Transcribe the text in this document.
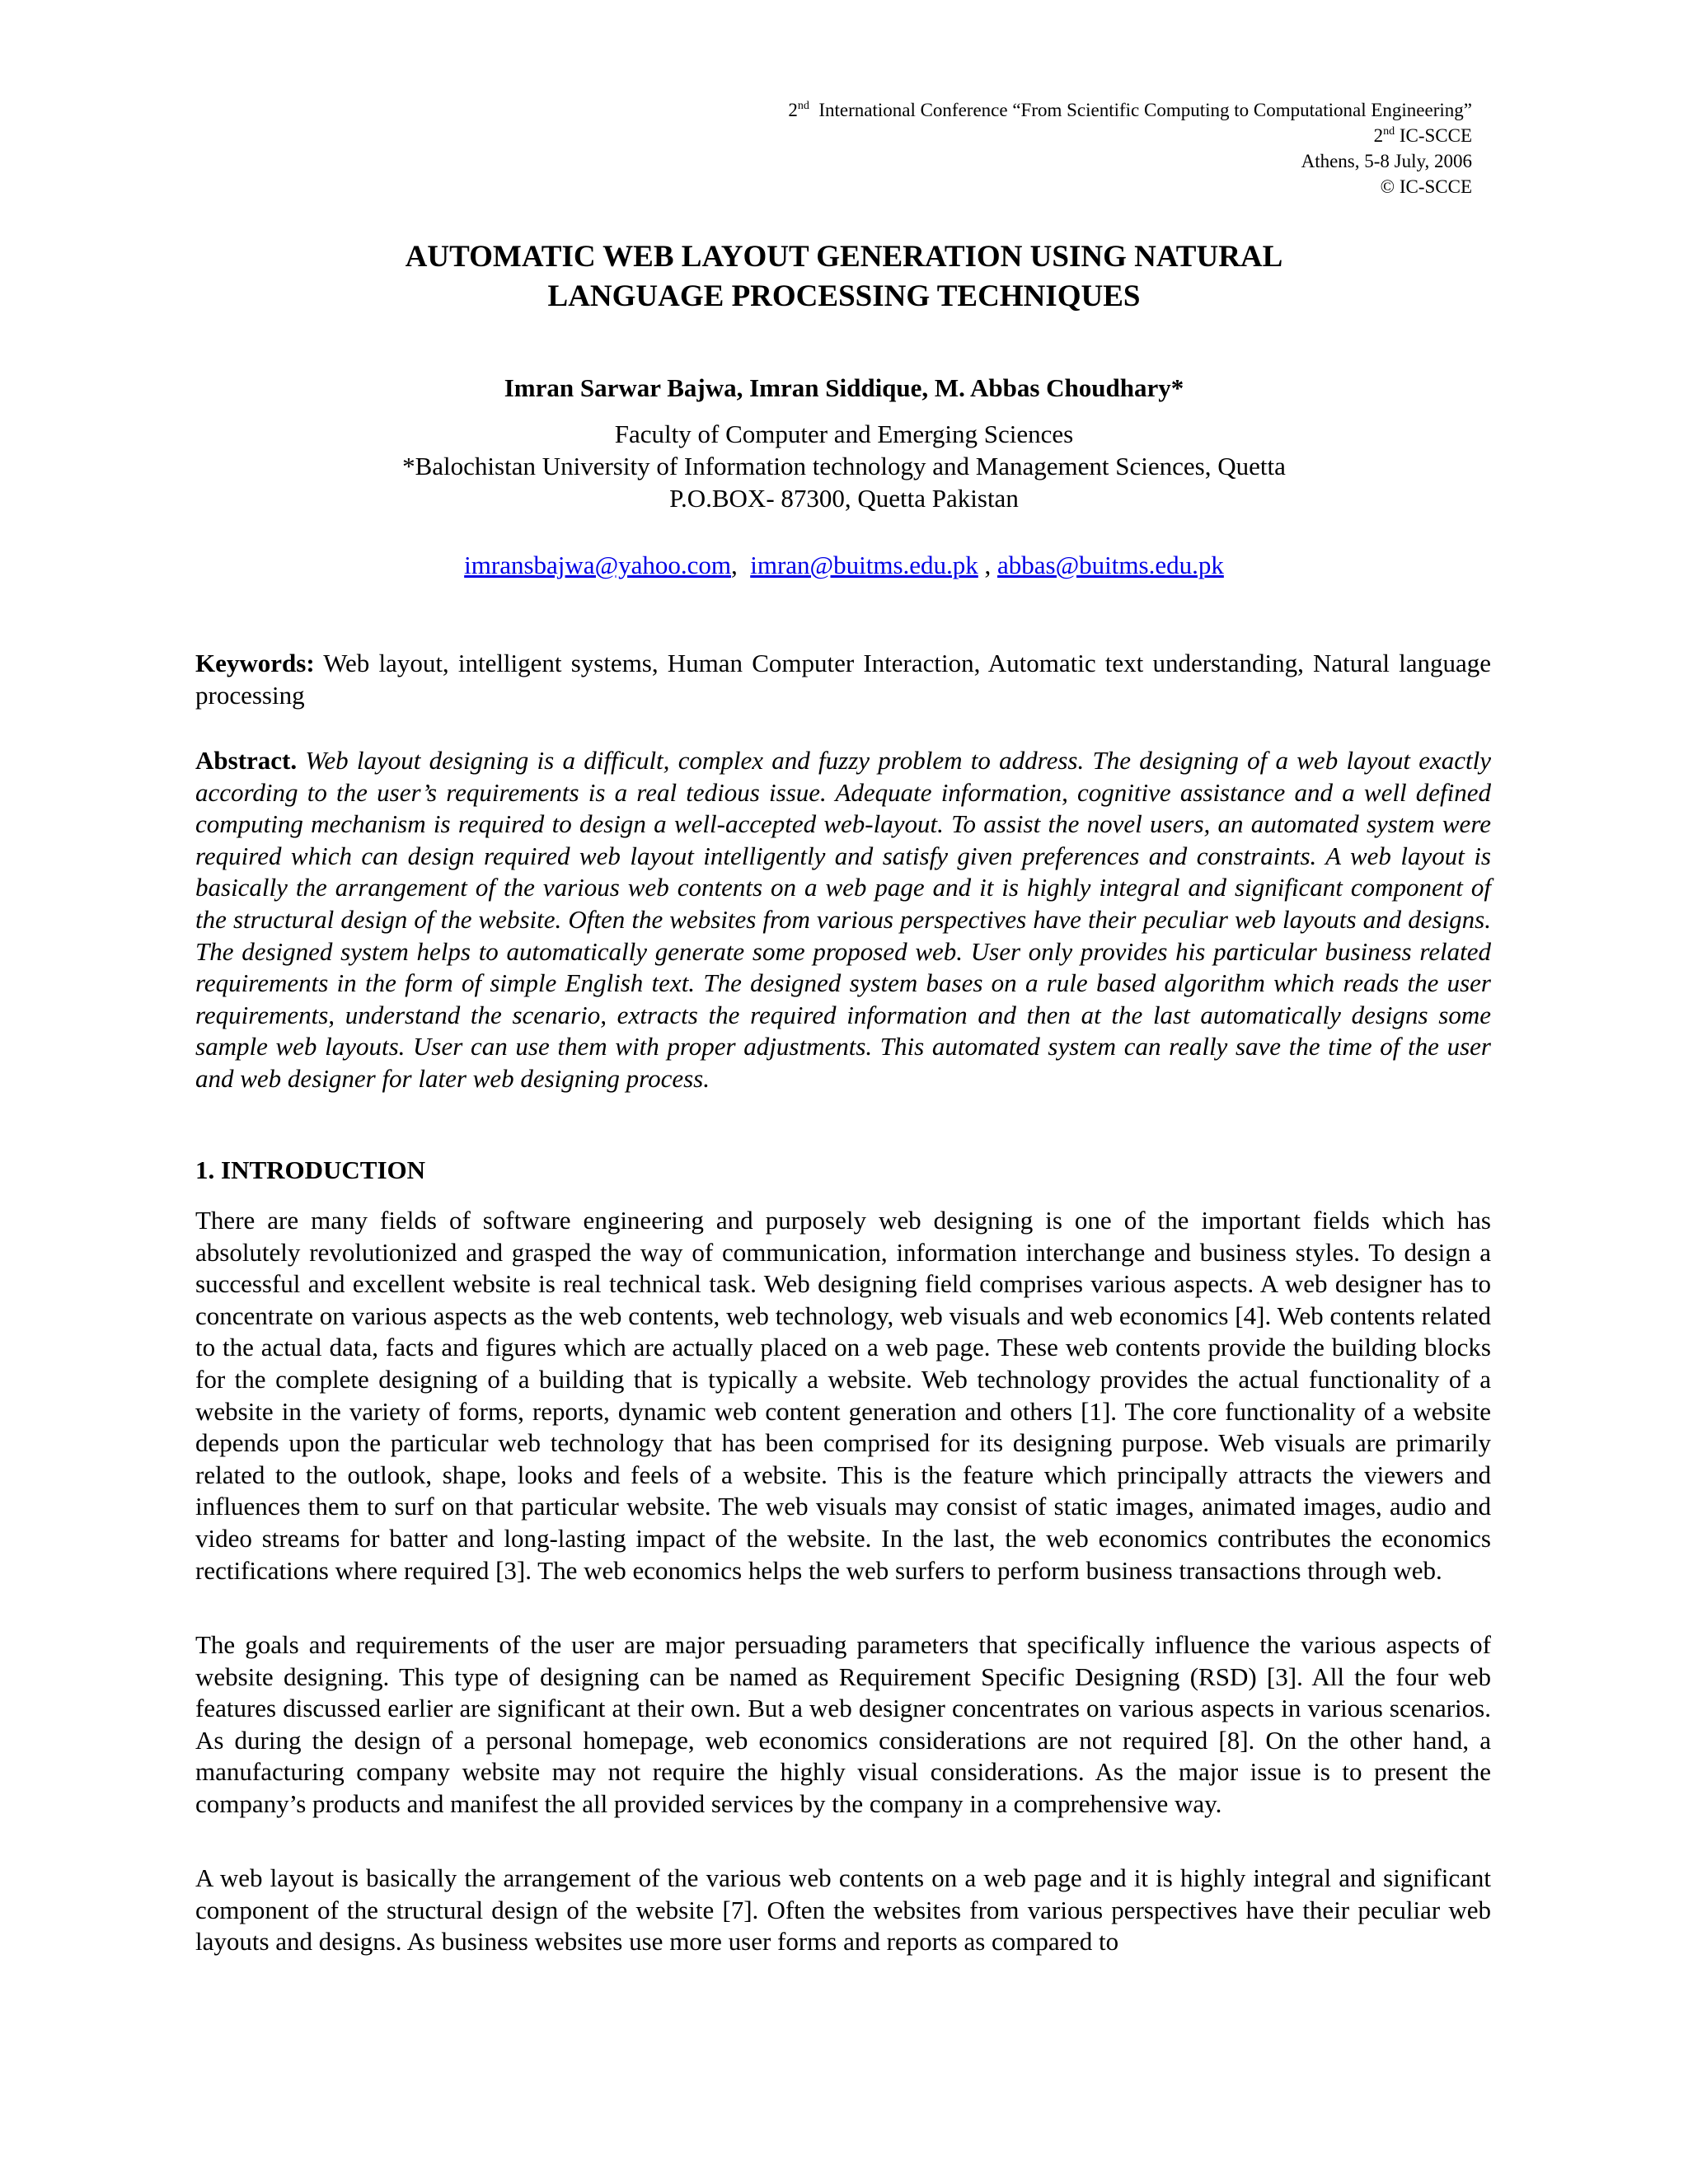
2nd  International Conference “From Scientific Computing to Computational Engineering”
2nd IC-SCCE
Athens, 5-8 July, 2006
© IC-SCCE
AUTOMATIC WEB LAYOUT GENERATION USING NATURAL
LANGUAGE PROCESSING TECHNIQUES
Imran Sarwar Bajwa, Imran Siddique, M. Abbas Choudhary*
Faculty of Computer and Emerging Sciences
*Balochistan University of Information technology and Management Sciences, Quetta
P.O.BOX- 87300, Quetta Pakistan
imransbajwa@yahoo.com,  imran@buitms.edu.pk , abbas@buitms.edu.pk
Keywords: Web layout, intelligent systems, Human Computer Interaction, Automatic text understanding, Natural language processing
Abstract. Web layout designing is a difficult, complex and fuzzy problem to address. The designing of a web layout exactly according to the user’s requirements is a real tedious issue. Adequate information, cognitive assistance and a well defined computing mechanism is required to design a well-accepted web-layout. To assist the novel users, an automated system were required which can design required web layout intelligently and satisfy given preferences and constraints. A web layout is basically the arrangement of the various web contents on a web page and it is highly integral and significant component of the structural design of the website. Often the websites from various perspectives have their peculiar web layouts and designs. The designed system helps to automatically generate some proposed web. User only provides his particular business related requirements in the form of simple English text. The designed system bases on a rule based algorithm which reads the user requirements, understand the scenario, extracts the required information and then at the last automatically designs some sample web layouts. User can use them with proper adjustments. This automated system can really save the time of the user and web designer for later web designing process.
1. INTRODUCTION
There are many fields of software engineering and purposely web designing is one of the important fields which has absolutely revolutionized and grasped the way of communication, information interchange and business styles. To design a successful and excellent website is real technical task. Web designing field comprises various aspects. A web designer has to concentrate on various aspects as the web contents, web technology, web visuals and web economics [4]. Web contents related to the actual data, facts and figures which are actually placed on a web page. These web contents provide the building blocks for the complete designing of a building that is typically a website. Web technology provides the actual functionality of a website in the variety of forms, reports, dynamic web content generation and others [1]. The core functionality of a website depends upon the particular web technology that has been comprised for its designing purpose. Web visuals are primarily related to the outlook, shape, looks and feels of a website. This is the feature which principally attracts the viewers and influences them to surf on that particular website. The web visuals may consist of static images, animated images, audio and video streams for batter and long-lasting impact of the website. In the last, the web economics contributes the economics rectifications where required [3]. The web economics helps the web surfers to perform business transactions through web.
The goals and requirements of the user are major persuading parameters that specifically influence the various aspects of website designing. This type of designing can be named as Requirement Specific Designing (RSD) [3]. All the four web features discussed earlier are significant at their own. But a web designer concentrates on various aspects in various scenarios. As during the design of a personal homepage, web economics considerations are not required [8]. On the other hand, a manufacturing company website may not require the highly visual considerations. As the major issue is to present the company’s products and manifest the all provided services by the company in a comprehensive way.
A web layout is basically the arrangement of the various web contents on a web page and it is highly integral and significant component of the structural design of the website [7]. Often the websites from various perspectives have their peculiar web layouts and designs. As business websites use more user forms and reports as compared to
